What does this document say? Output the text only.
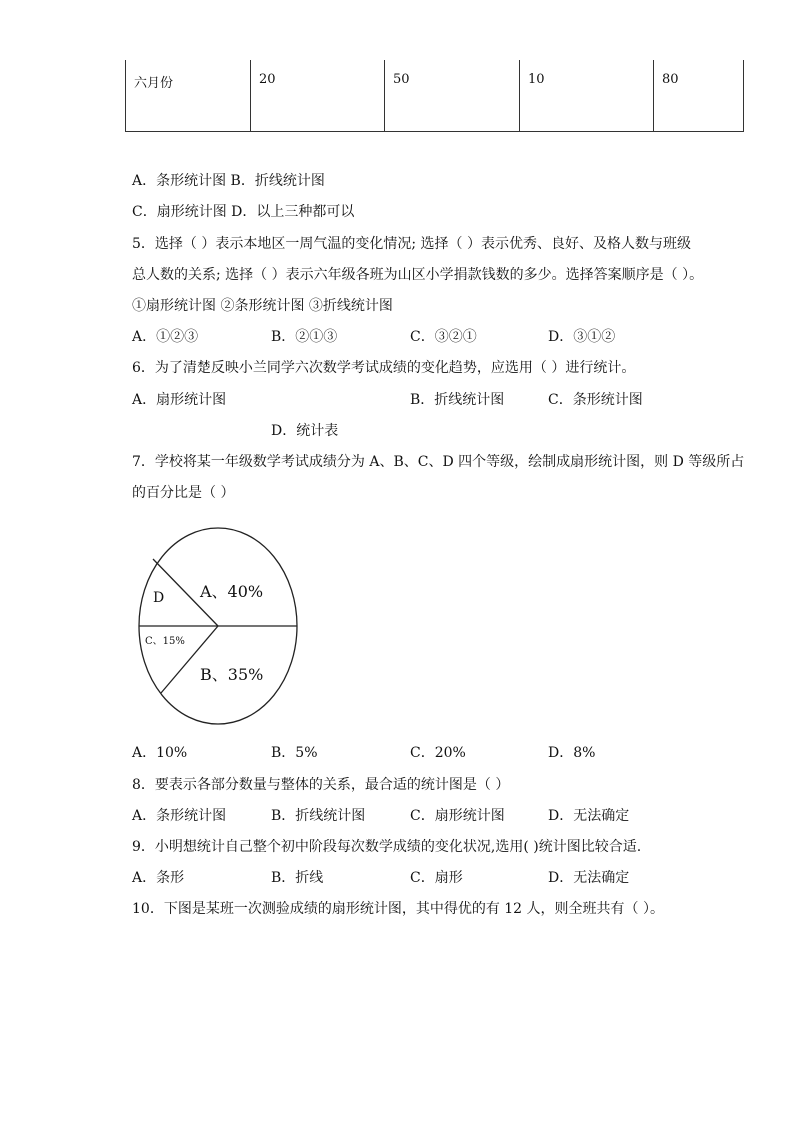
六月份	20	50	10	80
A．条形统计图 B．折线统计图
C．扇形统计图 D．以上三种都可以
5．选择（ ）表示本地区一周气温的变化情况; 选择（ ）表示优秀、良好、及格人数与班级
总人数的关系; 选择（ ）表示六年级各班为山区小学捐款钱数的多少。选择答案顺序是（ ）。
①扇形统计图 ②条形统计图 ③折线统计图
A．①②③	B．②①③	C．③②①	D．③①②
6．为了清楚反映小兰同学六次数学考试成绩的变化趋势，应选用（ ）进行统计。
A．扇形统计图	B．折线统计图	C．条形统计图
D．统计表
7．学校将某一年级数学考试成绩分为 A、B、C、D 四个等级，绘制成扇形统计图，则 D 等级所占
的百分比是（ ）
A、40%
B、35%
C、15%
D
A．10%	B．5%	C．20%	D．8%
8．要表示各部分数量与整体的关系，最合适的统计图是（ ）
A．条形统计图	B．折线统计图	C．扇形统计图	D．无法确定
9．小明想统计自己整个初中阶段每次数学成绩的变化状况,选用( )统计图比较合适.
A．条形	B．折线	C．扇形	D．无法确定
10．下图是某班一次测验成绩的扇形统计图，其中得优的有 12 人，则全班共有（ ）。
